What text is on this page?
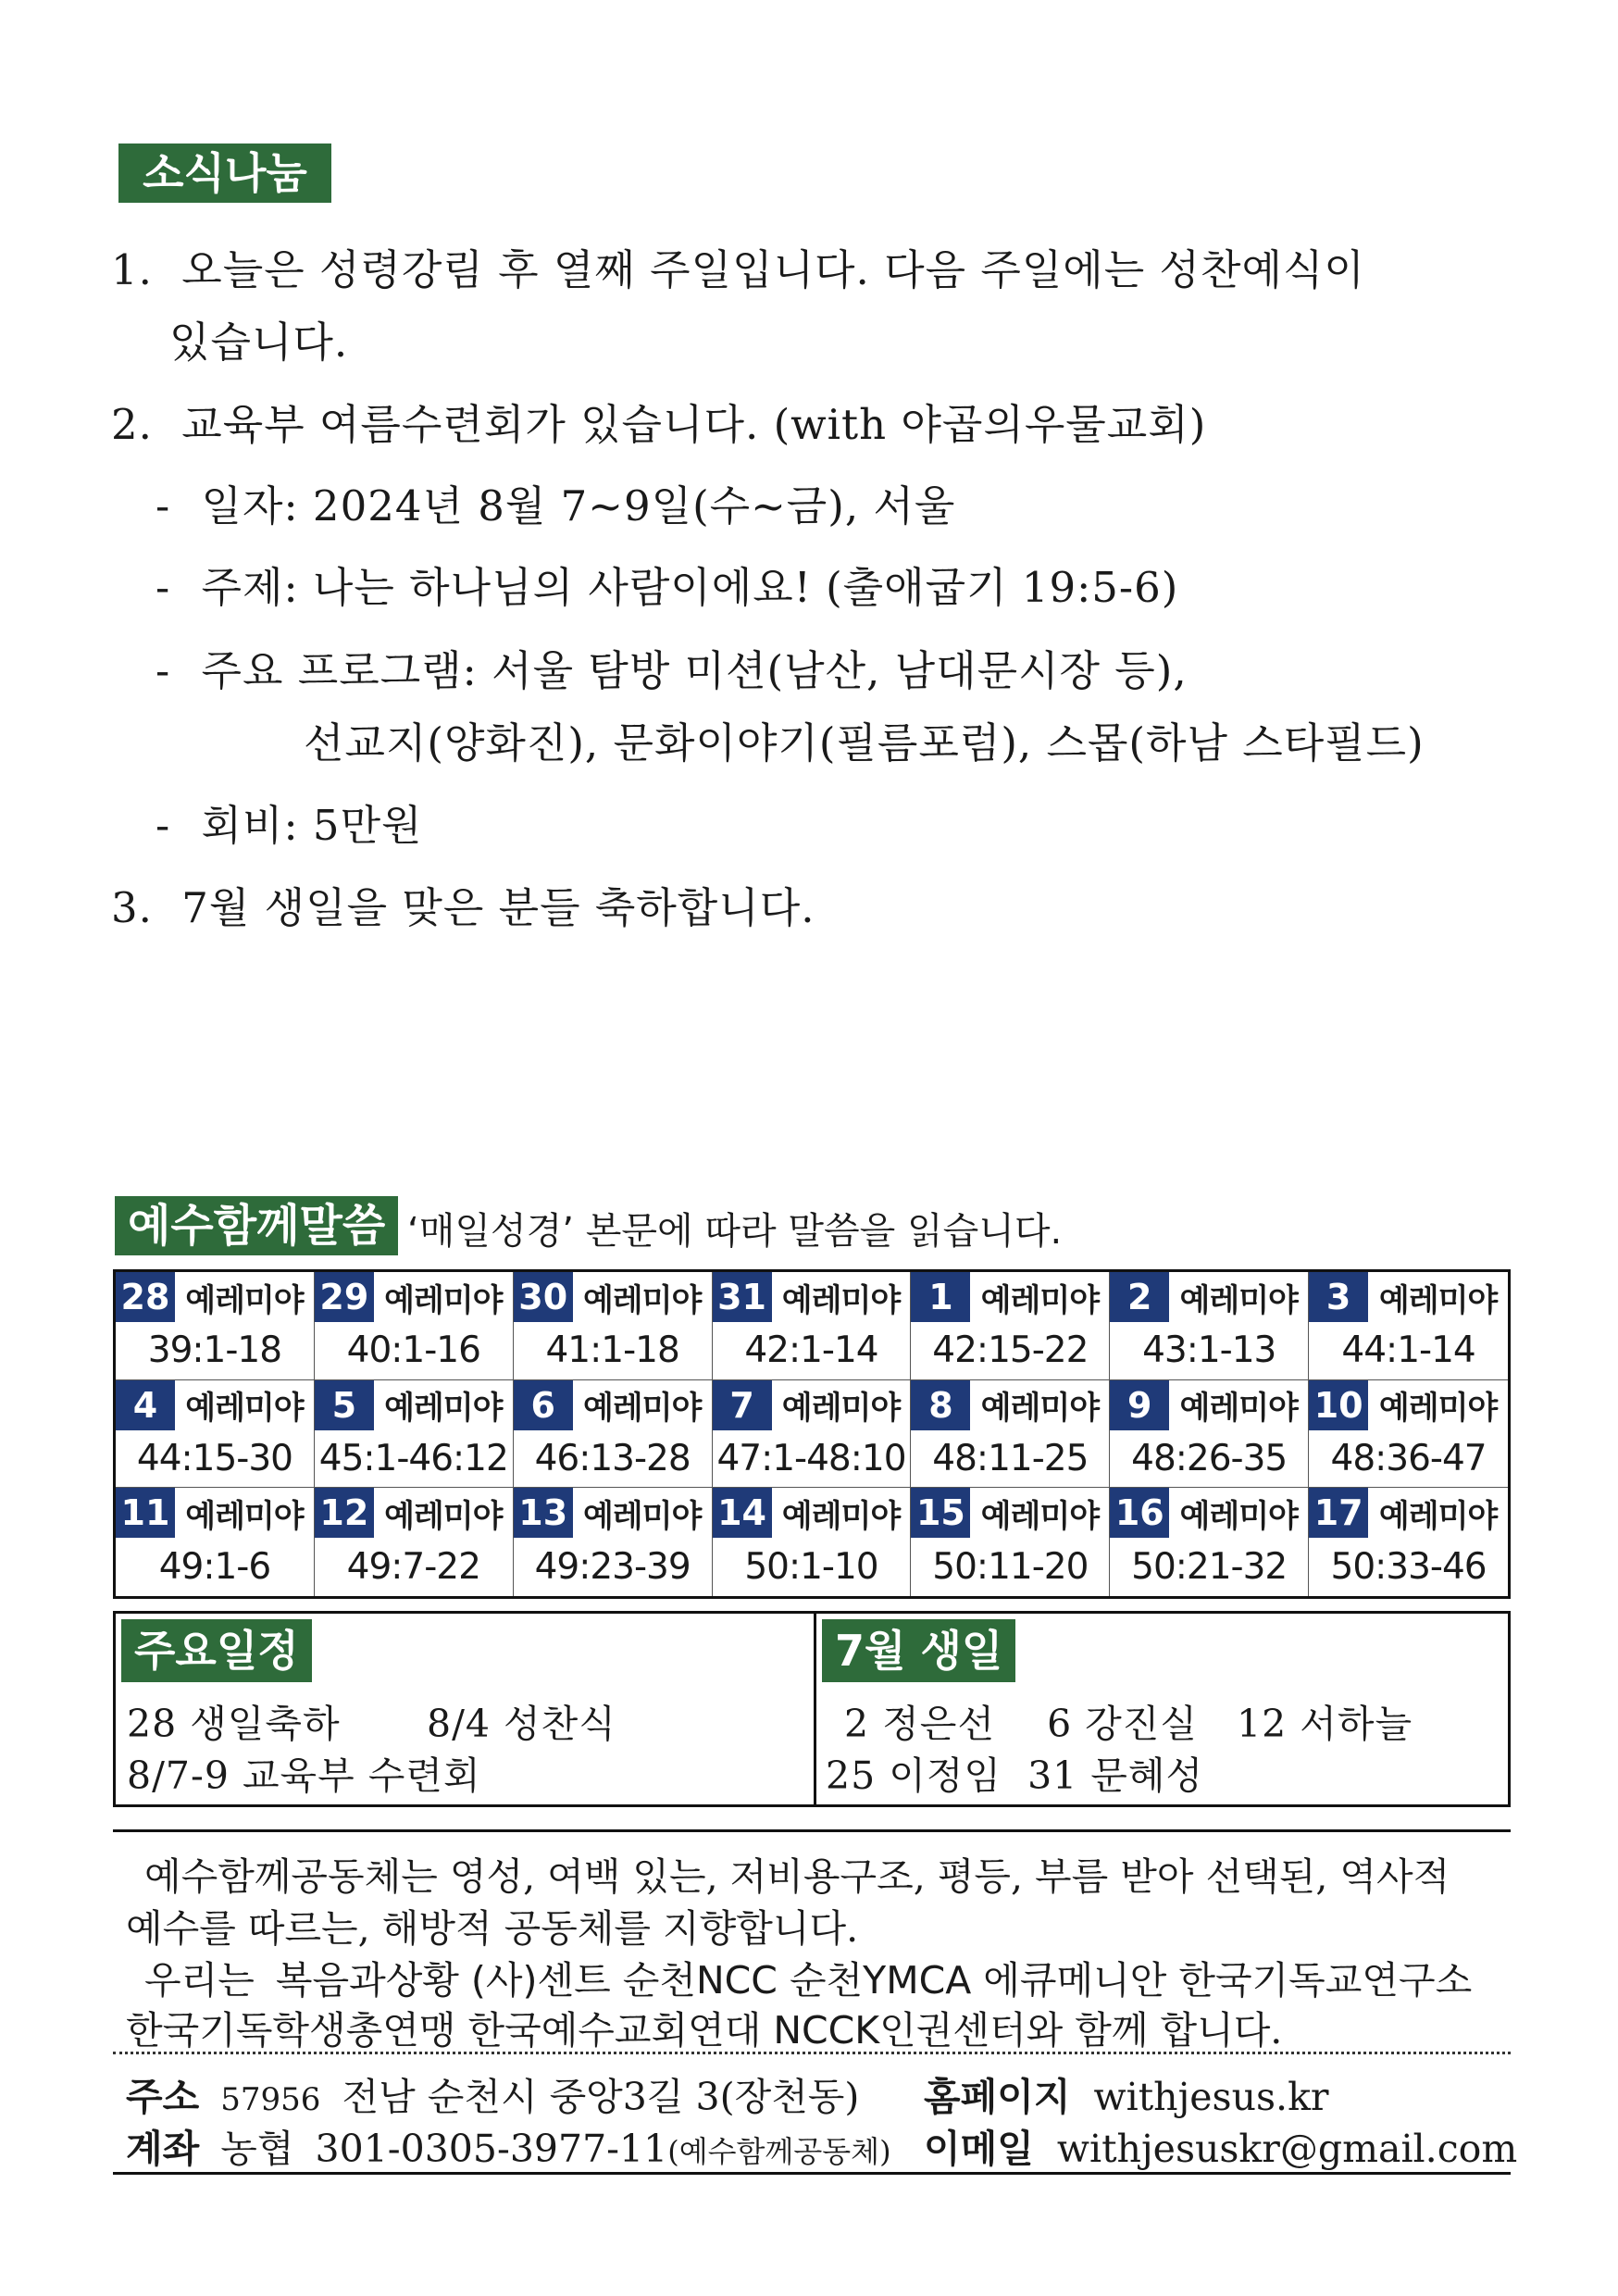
소식나눔
1. 오늘은 성령강림 후 열째 주일입니다. 다음 주일에는 성찬예식이
있습니다.
2. 교육부 여름수련회가 있습니다. (with 야곱의우물교회)
- 일자: 2024년 8월 7~9일(수~금), 서울
- 주제: 나는 하나님의 사람이에요! (출애굽기 19:5-6)
- 주요 프로그램: 서울 탐방 미션(남산, 남대문시장 등),
선교지(양화진), 문화이야기(필름포럼), 스몹(하남 스타필드)
- 회비: 5만원
3. 7월 생일을 맞은 분들 축하합니다.
예수함께말씀 ‘매일성경’ 본문에 따라 말씀을 읽습니다.
28 예레미야
39:1-18
29 예레미야
40:1-16
30 예레미야
41:1-18
31 예레미야
42:1-14
1 예레미야
42:15-22
2 예레미야
43:1-13
3 예레미야
44:1-14
4 예레미야
44:15-30
5 예레미야
45:1-46:12
6 예레미야
46:13-28
7 예레미야
47:1-48:10
8 예레미야
48:11-25
9 예레미야
48:26-35
10 예레미야
48:36-47
11 예레미야
49:1-6
12 예레미야
49:7-22
13 예레미야
49:23-39
14 예레미야
50:1-10
15 예레미야
50:11-20
16 예레미야
50:21-32
17 예레미야
50:33-46
주요일정
28 생일축하 8/4 성찬식
8/7-9 교육부 수련회
7월 생일
2 정은선    6 강진실   12 서하늘
25 이정임  31 문혜성
예수함께공동체는 영성, 여백 있는, 저비용구조, 평등, 부름 받아 선택된, 역사적
예수를 따르는, 해방적 공동체를 지향합니다.
우리는 복음과상황 (사)센트 순천NCC 순천YMCA 에큐메니안 한국기독교연구소
한국기독학생총연맹 한국예수교회연대 NCCK인권센터와 함께 합니다.
주소 57956 전남 순천시 중앙3길 3(장천동) 홈페이지 withjesus.kr
계좌 농협 301-0305-3977-11(예수함께공동체) 이메일 withjesuskr@gmail.com
